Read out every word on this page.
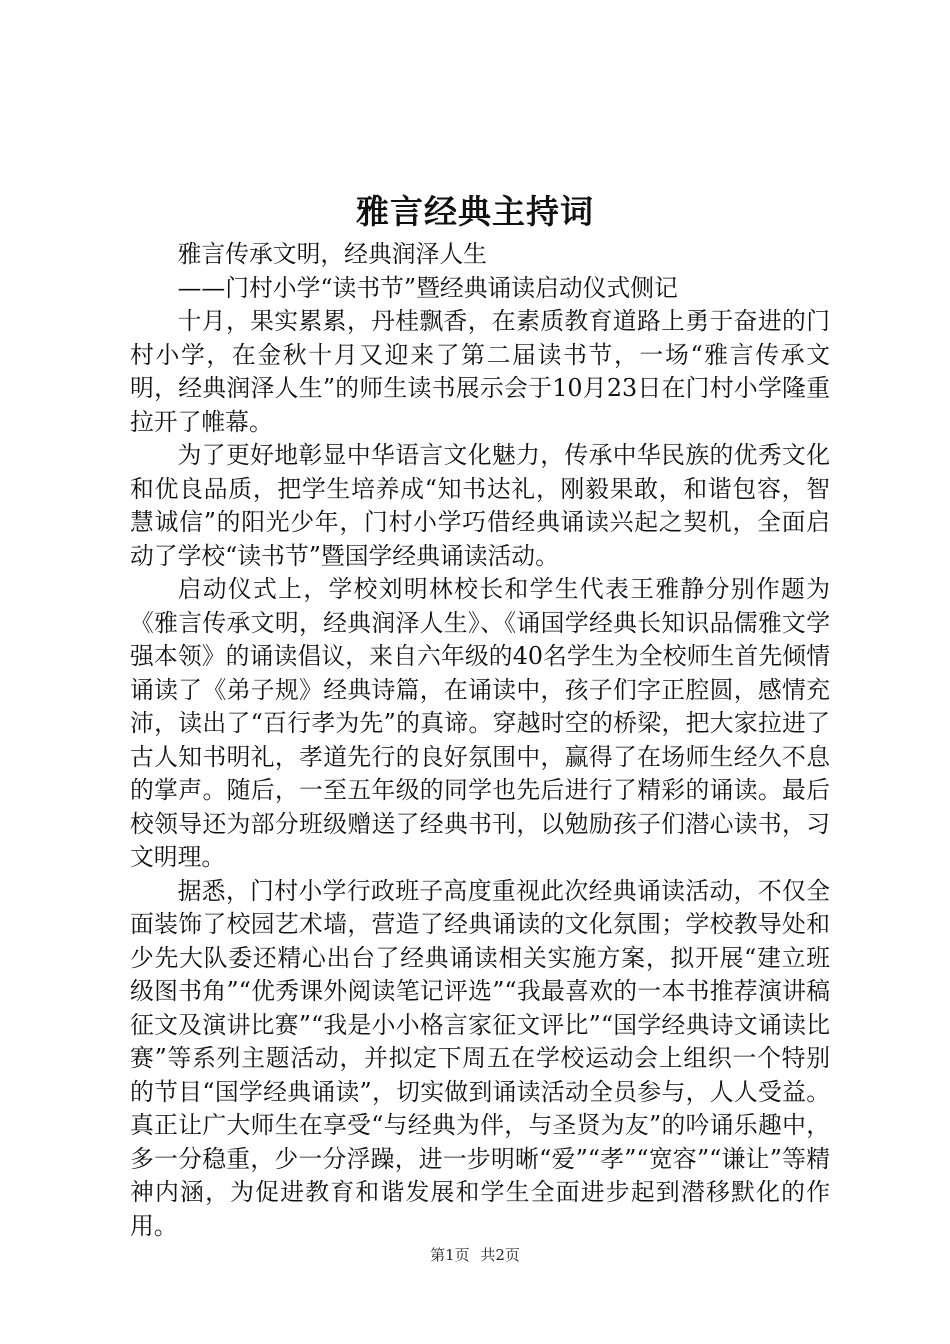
雅言经典主持词

雅言传承文明，经典润泽人生

——门村小学“读书节”暨经典诵读启动仪式侧记

十月，果实累累，丹桂飘香，在素质教育道路上勇于奋进的门村小学，在金秋十月又迎来了第二届读书节，一场“雅言传承文明，经典润泽人生”的师生读书展示会于10月23日在门村小学隆重拉开了帷幕。

为了更好地彰显中华语言文化魅力，传承中华民族的优秀文化和优良品质，把学生培养成“知书达礼，刚毅果敢，和谐包容，智慧诚信”的阳光少年，门村小学巧借经典诵读兴起之契机，全面启动了学校“读书节”暨国学经典诵读活动。

启动仪式上，学校刘明林校长和学生代表王雅静分别作题为《雅言传承文明，经典润泽人生》、《诵国学经典长知识品儒雅文学强本领》的诵读倡议，来自六年级的40名学生为全校师生首先倾情诵读了《弟子规》经典诗篇，在诵读中，孩子们字正腔圆，感情充沛，读出了“百行孝为先”的真谛。穿越时空的桥梁，把大家拉进了古人知书明礼，孝道先行的良好氛围中，赢得了在场师生经久不息的掌声。随后，一至五年级的同学也先后进行了精彩的诵读。最后校领导还为部分班级赠送了经典书刊，以勉励孩子们潜心读书，习文明理。

据悉，门村小学行政班子高度重视此次经典诵读活动，不仅全面装饰了校园艺术墙，营造了经典诵读的文化氛围；学校教导处和少先大队委还精心出台了经典诵读相关实施方案，拟开展“建立班级图书角”“优秀课外阅读笔记评选”“我最喜欢的一本书推荐演讲稿征文及演讲比赛”“我是小小格言家征文评比”“国学经典诗文诵读比赛”等系列主题活动，并拟定下周五在学校运动会上组织一个特别的节目“国学经典诵读”，切实做到诵读活动全员参与，人人受益。真正让广大师生在享受“与经典为伴，与圣贤为友”的吟诵乐趣中，多一分稳重，少一分浮躁，进一步明晰“爱”“孝”“宽容”“谦让”等精神内涵，为促进教育和谐发展和学生全面进步起到潜移默化的作用。

第1页 共2页
